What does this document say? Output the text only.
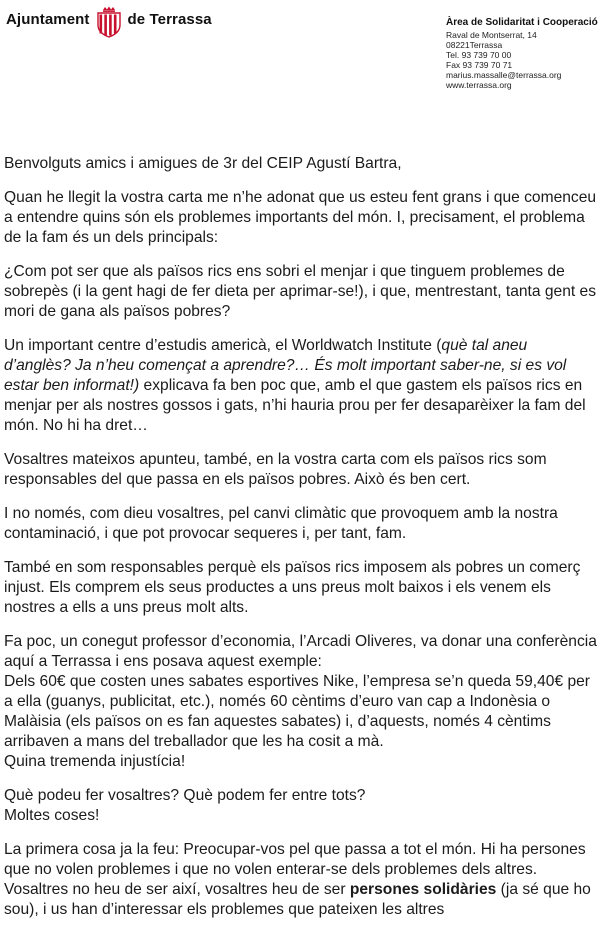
Ajuntament	de Terrassa	Àrea de Solidaritat i Cooperació
Raval de Montserrat, 14
08221Terrassa
Tel. 93 739 70 00
Fax 93 739 70 71
marius.massalle@terrassa.org
www.terrassa.org

Benvolguts amics i amigues de 3r del CEIP Agustí Bartra,

Quan he llegit la vostra carta me n’he adonat que us esteu fent grans i que comenceu a entendre quins són els problemes importants del món. I, precisament, el problema de la fam és un dels principals:

¿Com pot ser que als països rics ens sobri el menjar i que tinguem problemes de sobrepès (i la gent hagi de fer dieta per aprimar-se!), i que, mentrestant, tanta gent es mori de gana als països pobres?

Un important centre d’estudis americà, el Worldwatch Institute (què tal aneu d’anglès? Ja n’heu començat a aprendre?… És molt important saber-ne, si es vol estar ben informat!) explicava fa ben poc que, amb el que gastem els països rics en menjar per als nostres gossos i gats, n’hi hauria prou per fer desaparèixer la fam del món. No hi ha dret…

Vosaltres mateixos apunteu, també, en la vostra carta com els països rics som responsables del que passa en els països pobres. Això és ben cert.

I no només, com dieu vosaltres, pel canvi climàtic que provoquem amb la nostra contaminació, i que pot provocar sequeres i, per tant, fam.

També en som responsables perquè els països rics imposem als pobres un comerç injust. Els comprem els seus productes a uns preus molt baixos i els venem els nostres a ells a uns preus molt alts.

Fa poc, un conegut professor d’economia, l’Arcadi Oliveres, va donar una conferència aquí a Terrassa i ens posava aquest exemple:
Dels 60€ que costen unes sabates esportives Nike, l’empresa se’n queda 59,40€ per a ella (guanys, publicitat, etc.), només 60 cèntims d’euro van cap a Indonèsia o Malàisia (els països on es fan aquestes sabates) i, d’aquests, només 4 cèntims arribaven a mans del treballador que les ha cosit a mà.
Quina tremenda injustícia!

Què podeu fer vosaltres? Què podem fer entre tots?
Moltes coses!

La primera cosa ja la feu: Preocupar-vos pel que passa a tot el món. Hi ha persones que no volen problemes i que no volen enterar-se dels problemes dels altres. Vosaltres no heu de ser així, vosaltres heu de ser persones solidàries (ja sé que ho sou), i us han d’interessar els problemes que pateixen les altres
